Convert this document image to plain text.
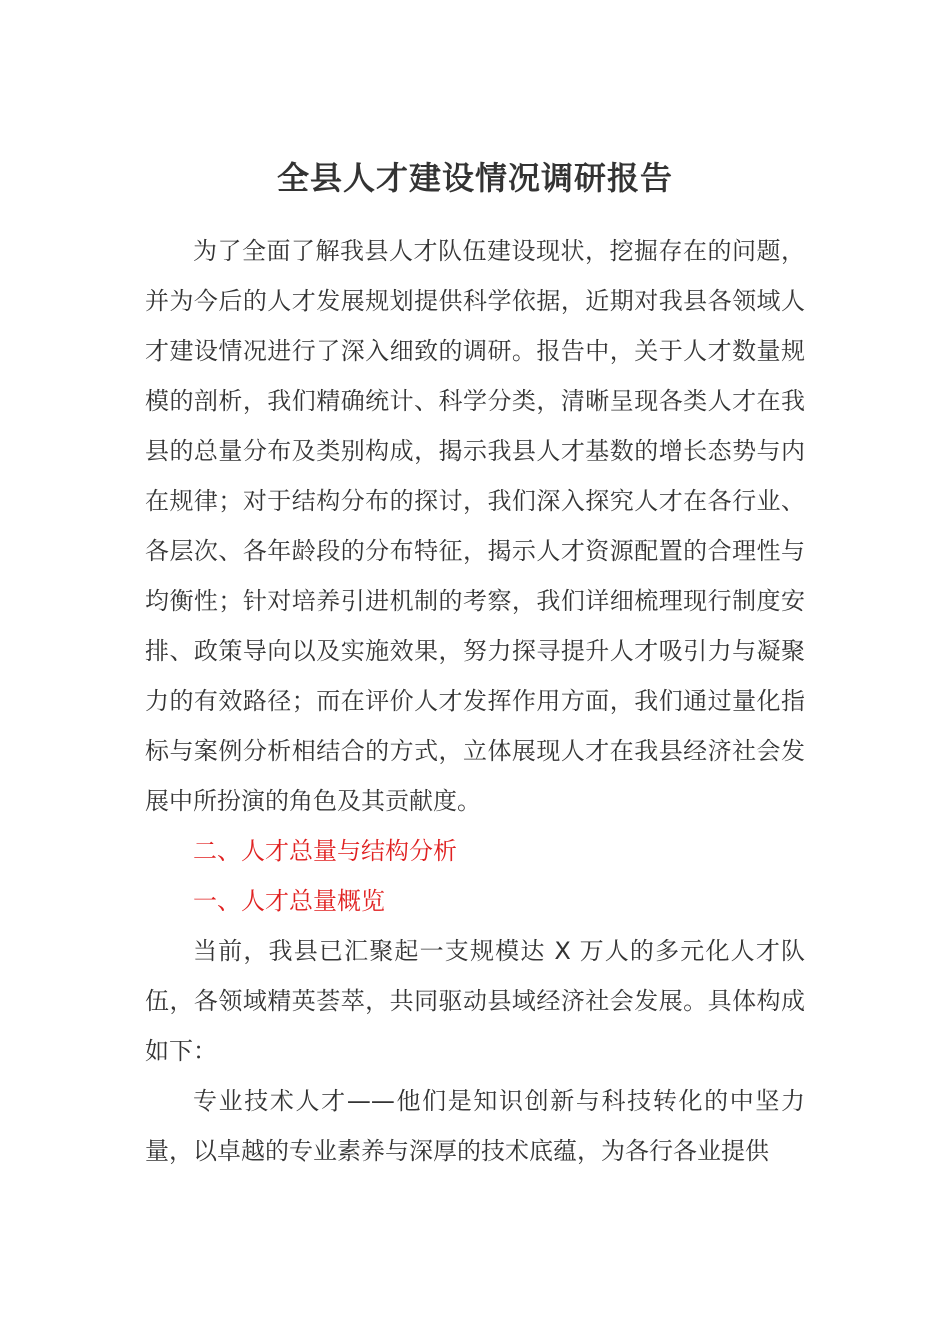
全县人才建设情况调研报告

为了全面了解我县人才队伍建设现状，挖掘存在的问题，并为今后的人才发展规划提供科学依据，近期对我县各领域人才建设情况进行了深入细致的调研。报告中，关于人才数量规模的剖析，我们精确统计、科学分类，清晰呈现各类人才在我县的总量分布及类别构成，揭示我县人才基数的增长态势与内在规律；对于结构分布的探讨，我们深入探究人才在各行业、各层次、各年龄段的分布特征，揭示人才资源配置的合理性与均衡性；针对培养引进机制的考察，我们详细梳理现行制度安排、政策导向以及实施效果，努力探寻提升人才吸引力与凝聚力的有效路径；而在评价人才发挥作用方面，我们通过量化指标与案例分析相结合的方式，立体展现人才在我县经济社会发展中所扮演的角色及其贡献度。

二、人才总量与结构分析

一、人才总量概览

当前，我县已汇聚起一支规模达 X 万人的多元化人才队伍，各领域精英荟萃，共同驱动县域经济社会发展。具体构成如下：

专业技术人才——他们是知识创新与科技转化的中坚力量，以卓越的专业素养与深厚的技术底蕴，为各行各业提供
